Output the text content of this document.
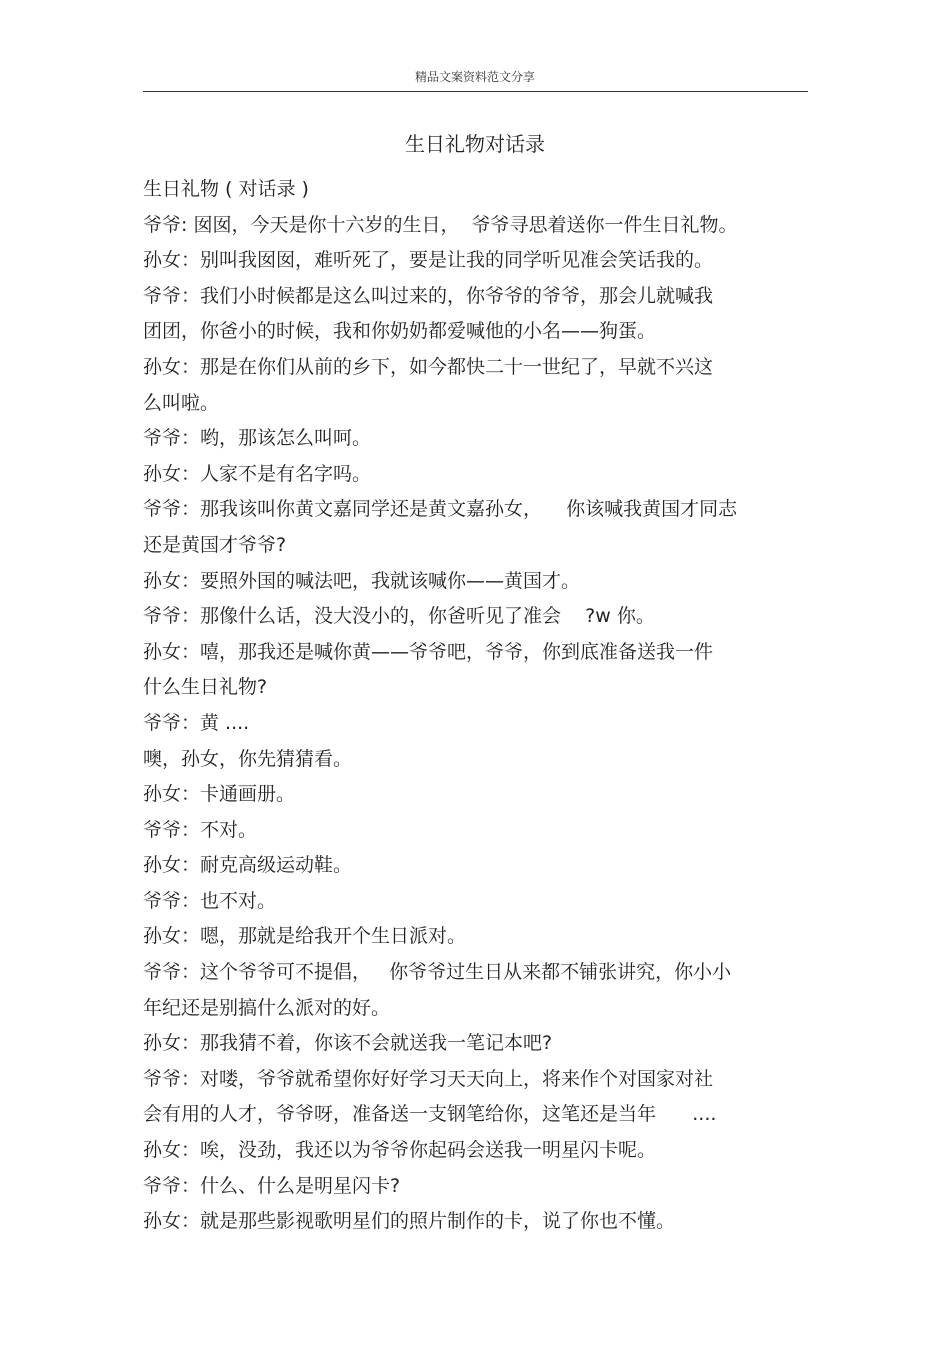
精品文案资料范文分享
生日礼物对话录
生日礼物 ( 对话录 )
爷爷: 囡囡，今天是你十六岁的生日，  爷爷寻思着送你一件生日礼物。
孙女：别叫我囡囡，难听死了，要是让我的同学听见准会笑话我的。
爷爷：我们小时候都是这么叫过来的，你爷爷的爷爷，那会儿就喊我
团团，你爸小的时候，我和你奶奶都爱喊他的小名——狗蛋。
孙女：那是在你们从前的乡下，如今都快二十一世纪了，早就不兴这
么叫啦。
爷爷：哟，那该怎么叫呵。
孙女：人家不是有名字吗。
爷爷：那我该叫你黄文嘉同学还是黄文嘉孙女，    你该喊我黄国才同志
还是黄国才爷爷?
孙女：要照外国的喊法吧，我就该喊你——黄国才。
爷爷：那像什么话，没大没小的，你爸听见了准会    ?w 你。
孙女：嘻，那我还是喊你黄——爷爷吧，爷爷，你到底准备送我一件
什么生日礼物?
爷爷：黄 ....
噢，孙女，你先猜猜看。
孙女：卡通画册。
爷爷：不对。
孙女：耐克高级运动鞋。
爷爷：也不对。
孙女：嗯，那就是给我开个生日派对。
爷爷：这个爷爷可不提倡，   你爷爷过生日从来都不铺张讲究，你小小
年纪还是别搞什么派对的好。
孙女：那我猜不着，你该不会就送我一笔记本吧?
爷爷：对喽，爷爷就希望你好好学习天天向上，将来作个对国家对社
会有用的人才，爷爷呀，准备送一支钢笔给你，这笔还是当年      ....
孙女：唉，没劲，我还以为爷爷你起码会送我一明星闪卡呢。
爷爷：什么、什么是明星闪卡?
孙女：就是那些影视歌明星们的照片制作的卡，说了你也不懂。
